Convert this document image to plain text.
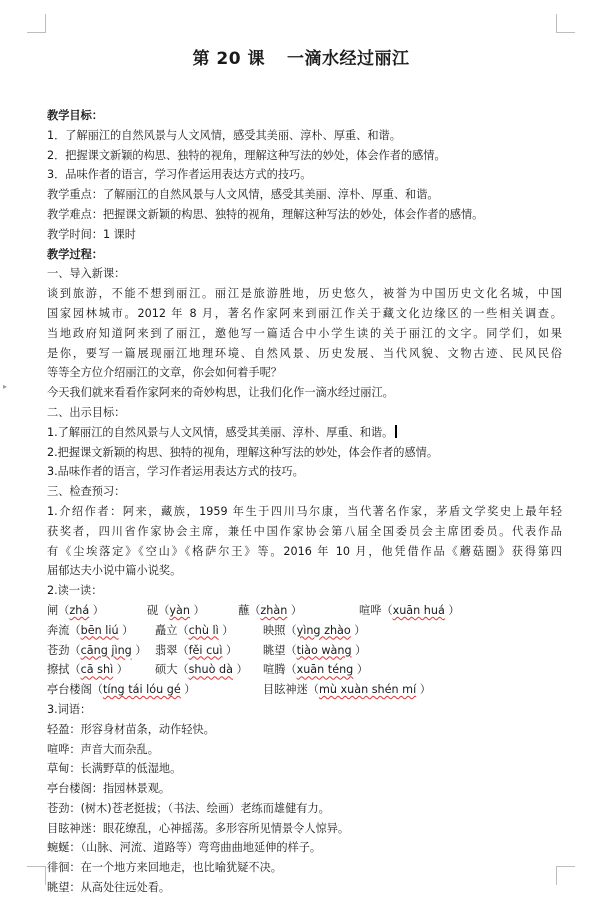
▸
第 20 课 一滴水经过丽江
教学目标：
1．了解丽江的自然风景与人文风情，感受其美丽、淳朴、厚重、和谐。
2．把握课文新颖的构思、独特的视角，理解这种写法的妙处，体会作者的感情。
3．品味作者的语言，学习作者运用表达方式的技巧。
教学重点：了解丽江的自然风景与人文风情，感受其美丽、淳朴、厚重、和谐。
教学难点：把握课文新颖的构思、独特的视角，理解这种写法的妙处，体会作者的感情。
教学时间：1 课时
教学过程：
一、导入新课：
谈到旅游，不能不想到丽江。丽江是旅游胜地，历史悠久，被誉为中国历史文化名城，中国
国家园林城市。2012 年 8 月，著名作家阿来到丽江作关于藏文化边缘区的一些相关调查。
当地政府知道阿来到了丽江，邀他写一篇适合中小学生读的关于丽江的文字。同学们，如果
是你，要写一篇展现丽江地理环境、自然风景、历史发展、当代风貌、文物古迹、民风民俗
等等全方位介绍丽江的文章，你会如何着手呢？
今天我们就来看看作家阿来的奇妙构思，让我们化作一滴水经过丽江。
二、出示目标：
1.了解丽江的自然风景与人文风情，感受其美丽、淳朴、厚重、和谐。
2.把握课文新颖的构思、独特的视角，理解这种写法的妙处，体会作者的感情。
3.品味作者的语言，学习作者运用表达方式的技巧。
三、检查预习：
1.介绍作者：阿来，藏族，1959 年生于四川马尔康，当代著名作家，茅盾文学奖史上最年轻
获奖者，四川省作家协会主席，兼任中国作家协会第八届全国委员会主席团委员。代表作品
有《尘埃落定》《空山》《格萨尔王》等。2016 年 10 月，他凭借作品《蘑菇圈》获得第四
届郁达夫小说中篇小说奖。
2.读一读：
闸（zhá ）	砚（yàn ）	蘸（zhàn ）	喧哗（xuān huá ）
奔流（bēn liú ） 矗立（chù lì ）	映照（yìng zhào ）
苍劲（cāng jìng ） 翡翠（fěi cuì ） 眺望（tiào wàng ）
擦拭（cā shì ） 硕大（shuò dà ） 喧腾（xuān téng ）
亭台楼阁（tíng tái lóu gé ）	目眩神迷（mù xuàn shén mí ）
3.词语：
轻盈：形容身材苗条，动作轻快。
喧哗：声音大而杂乱。
草甸：长满野草的低湿地。
亭台楼阁：指园林景观。
苍劲：(树木)苍老挺拔；（书法、绘画）老练而雄健有力。
目眩神迷：眼花缭乱，心神摇荡。多形容所见情景令人惊异。
蜿蜒：（山脉、河流、道路等）弯弯曲曲地延伸的样子。
徘徊：在一个地方来回地走，也比喻犹疑不决。
眺望：从高处往远处看。
